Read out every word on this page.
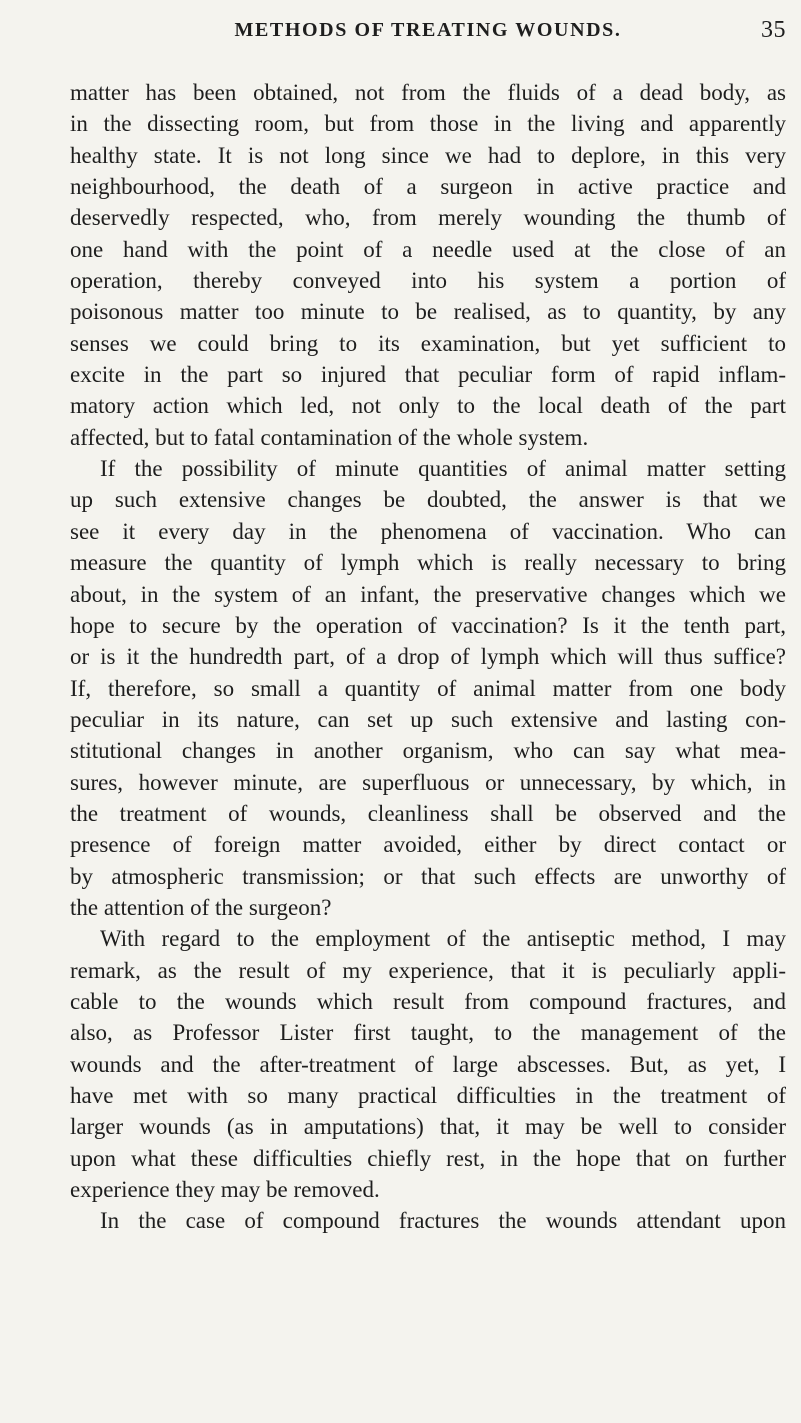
METHODS OF TREATING WOUNDS.	35
matter has been obtained, not from the fluids of a dead body, as
in the dissecting room, but from those in the living and apparently
healthy state. It is not long since we had to deplore, in this very
neighbourhood, the death of a surgeon in active practice and
deservedly respected, who, from merely wounding the thumb of
one hand with the point of a needle used at the close of an
operation, thereby conveyed into his system a portion of
poisonous matter too minute to be realised, as to quantity, by any
senses we could bring to its examination, but yet sufficient to
excite in the part so injured that peculiar form of rapid inflam-
matory action which led, not only to the local death of the part
affected, but to fatal contamination of the whole system.
If the possibility of minute quantities of animal matter setting
up such extensive changes be doubted, the answer is that we
see it every day in the phenomena of vaccination. Who can
measure the quantity of lymph which is really necessary to bring
about, in the system of an infant, the preservative changes which we
hope to secure by the operation of vaccination? Is it the tenth part,
or is it the hundredth part, of a drop of lymph which will thus suffice?
If, therefore, so small a quantity of animal matter from one body
peculiar in its nature, can set up such extensive and lasting con-
stitutional changes in another organism, who can say what mea-
sures, however minute, are superfluous or unnecessary, by which, in
the treatment of wounds, cleanliness shall be observed and the
presence of foreign matter avoided, either by direct contact or
by atmospheric transmission; or that such effects are unworthy of
the attention of the surgeon?
With regard to the employment of the antiseptic method, I may
remark, as the result of my experience, that it is peculiarly appli-
cable to the wounds which result from compound fractures, and
also, as Professor Lister first taught, to the management of the
wounds and the after-treatment of large abscesses. But, as yet, I
have met with so many practical difficulties in the treatment of
larger wounds (as in amputations) that, it may be well to consider
upon what these difficulties chiefly rest, in the hope that on further
experience they may be removed.
In the case of compound fractures the wounds attendant upon
